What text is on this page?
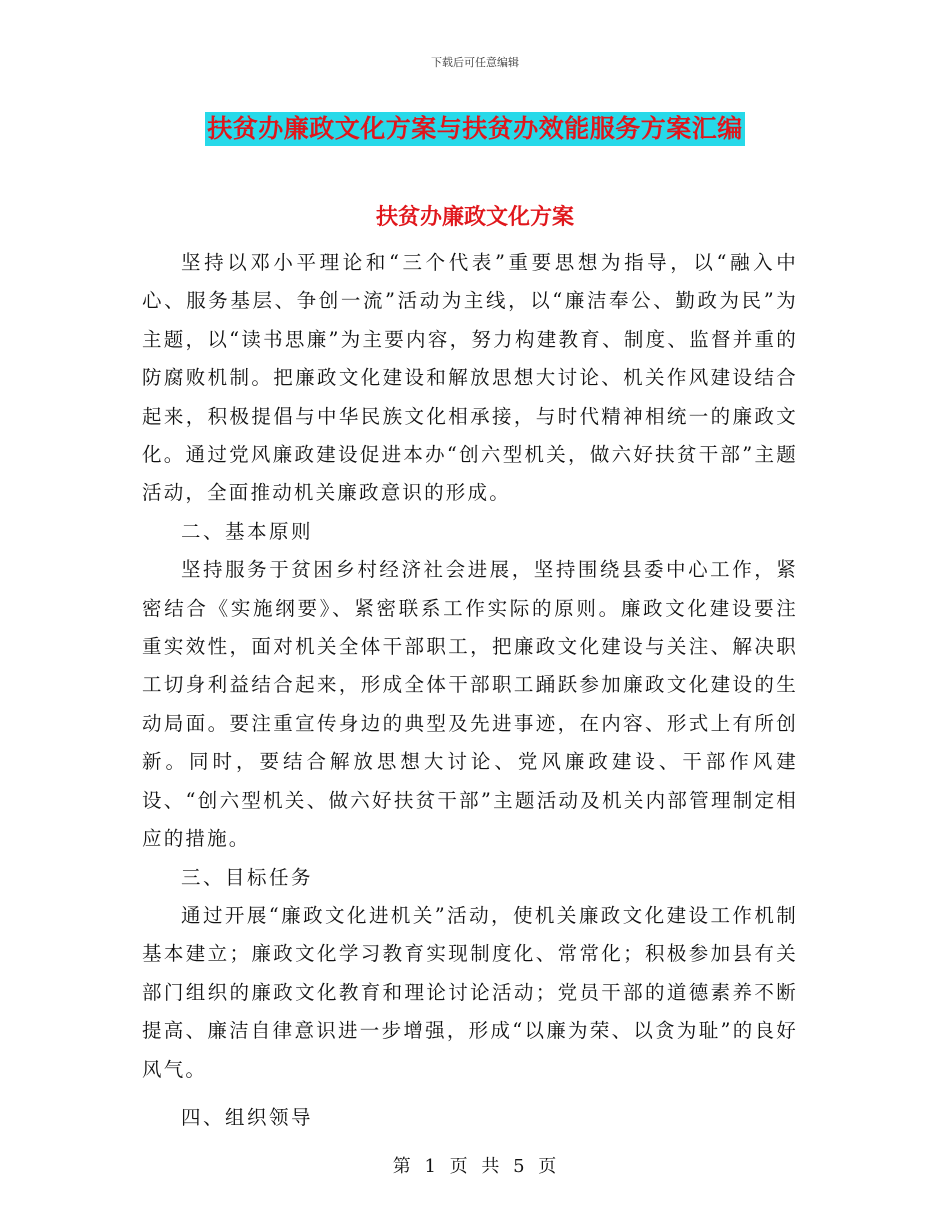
下载后可任意编辑
扶贫办廉政文化方案与扶贫办效能服务方案汇编
扶贫办廉政文化方案

坚持以邓小平理论和“三个代表”重要思想为指导，以“融入中心、服务基层、争创一流”活动为主线，以“廉洁奉公、勤政为民”为主题，以“读书思廉”为主要内容，努力构建教育、制度、监督并重的防腐败机制。把廉政文化建设和解放思想大讨论、机关作风建设结合起来，积极提倡与中华民族文化相承接，与时代精神相统一的廉政文化。通过党风廉政建设促进本办“创六型机关，做六好扶贫干部”主题活动，全面推动机关廉政意识的形成。

二、基本原则

坚持服务于贫困乡村经济社会进展，坚持围绕县委中心工作，紧密结合《实施纲要》、紧密联系工作实际的原则。廉政文化建设要注重实效性，面对机关全体干部职工，把廉政文化建设与关注、解决职工切身利益结合起来，形成全体干部职工踊跃参加廉政文化建设的生动局面。要注重宣传身边的典型及先进事迹，在内容、形式上有所创新。同时，要结合解放思想大讨论、党风廉政建设、干部作风建设、“创六型机关、做六好扶贫干部”主题活动及机关内部管理制定相应的措施。

三、目标任务

通过开展“廉政文化进机关”活动，使机关廉政文化建设工作机制基本建立；廉政文化学习教育实现制度化、常常化；积极参加县有关部门组织的廉政文化教育和理论讨论活动；党员干部的道德素养不断提高、廉洁自律意识进一步增强，形成“以廉为荣、以贪为耻”的良好风气。

四、组织领导

第 1 页 共 5 页
